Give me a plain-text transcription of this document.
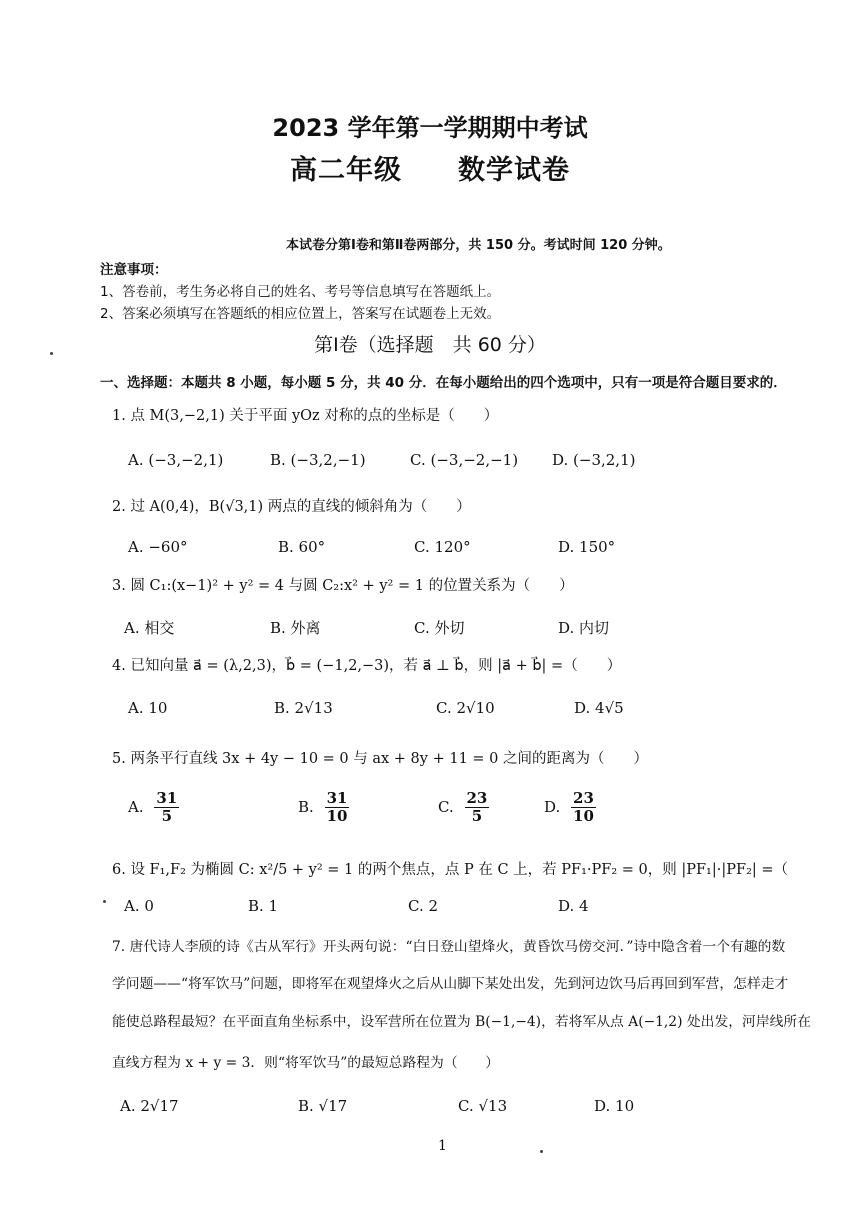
2023 学年第一学期期中考试
高二年级　　数学试卷
本试卷分第Ⅰ卷和第Ⅱ卷两部分，共 150 分。考试时间 120 分钟。
注意事项：
1、答卷前，考生务必将自己的姓名、考号等信息填写在答题纸上。
2、答案必须填写在答题纸的相应位置上，答案写在试题卷上无效。
第Ⅰ卷（选择题　共 60 分）
一、选择题：本题共 8 小题，每小题 5 分，共 40 分．在每小题给出的四个选项中，只有一项是符合题目要求的．
1. 点 M(3,−2,1) 关于平面 yOz 对称的点的坐标是（　　）
A. (−3,−2,1)	B. (−3,2,−1)	C. (−3,−2,−1) D. (−3,2,1)
2. 过 A(0,4)，B(√3,1) 两点的直线的倾斜角为（　　）
A. −60°	B. 60°	C. 120°	D. 150°
3. 圆 C₁:(x−1)² + y² = 4 与圆 C₂:x² + y² = 1 的位置关系为（　　）
A. 相交	B. 外离	C. 外切	D. 内切
4. 已知向量 a⃗ = (λ,2,3)，b⃗ = (−1,2,−3)，若 a⃗ ⊥ b⃗，则 |a⃗ + b⃗| =（　　）
A. 10	B. 2√13	C. 2√10	D. 4√5
5. 两条平行直线 3x + 4y − 10 = 0 与 ax + 8y + 11 = 0 之间的距离为（　　）
A. $\frac{31}{5}$	B. $\frac{31}{10}$	C. $\frac{23}{5}$	D. $\frac{23}{10}$
6. 设 F₁,F₂ 为椭圆 C: x²/5 + y² = 1 的两个焦点，点 P 在 C 上，若 PF₁·PF₂ = 0，则 |PF₁|·|PF₂| =（
A. 0	B. 1	C. 2	D. 4
7. 唐代诗人李颀的诗《古从军行》开头两句说：“白日登山望烽火，黄昏饮马傍交河．”诗中隐含着一个有趣的数
学问题——“将军饮马”问题，即将军在观望烽火之后从山脚下某处出发，先到河边饮马后再回到军营，怎样走才
能使总路程最短？在平面直角坐标系中，设军营所在位置为 B(−1,−4)，若将军从点 A(−1,2) 处出发，河岸线所在
直线方程为 x + y = 3．则“将军饮马”的最短总路程为（　　）
A. 2√17	B. √17	C. √13	D. 10
1
